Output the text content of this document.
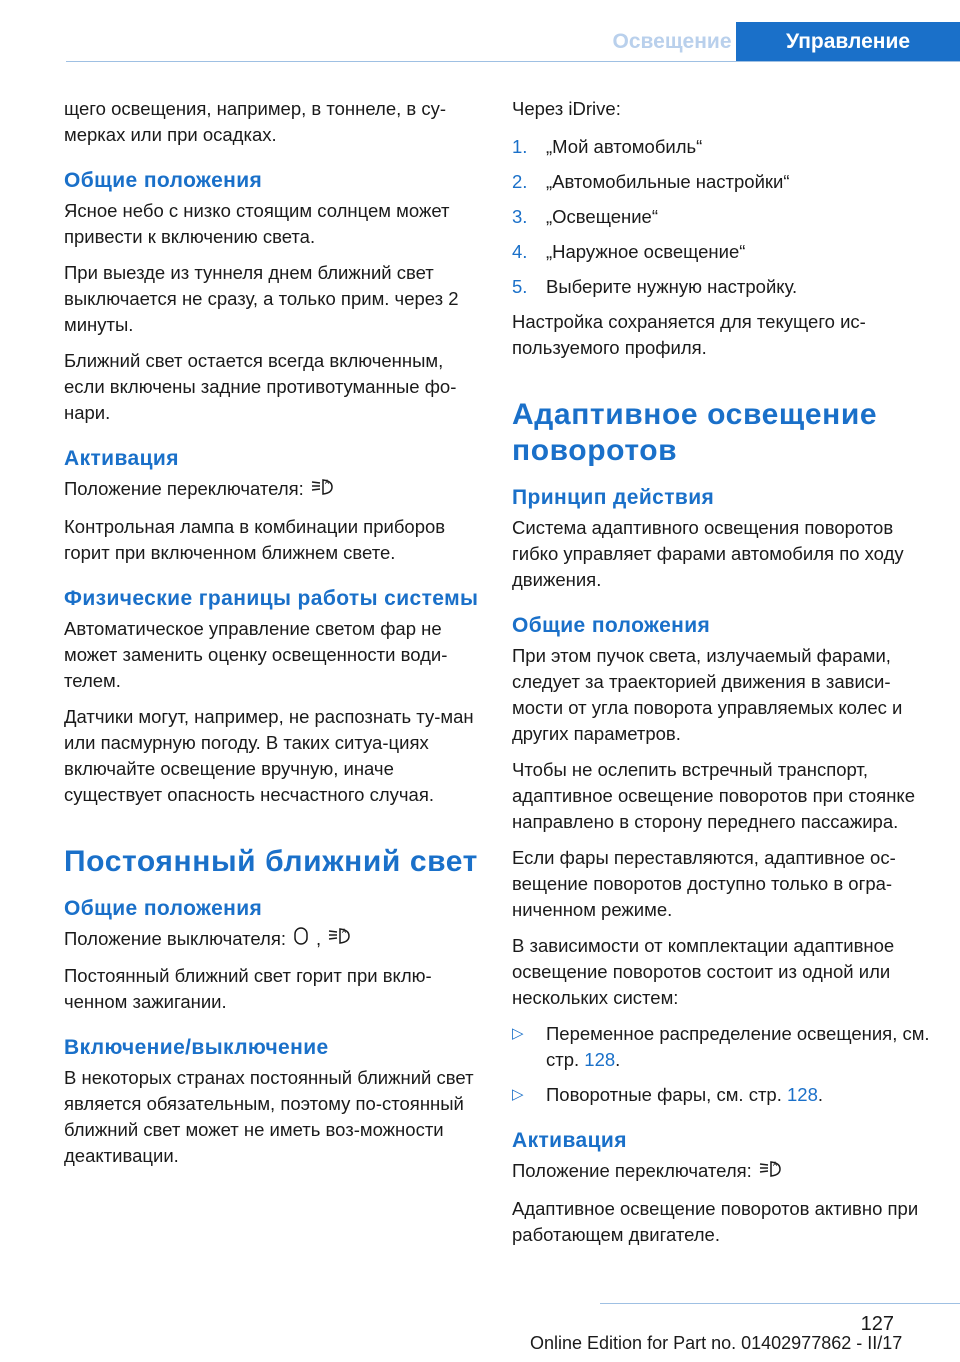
Освещение	Управление

щего освещения, например, в тоннеле, в су-мерках или при осадках.

Общие положения

Ясное небо с низко стоящим солнцем может привести к включению света.

При выезде из туннеля днем ближний свет выключается не сразу, а только прим. через 2 минуты.

Ближний свет остается всегда включенным, если включены задние противотуманные фо-нари.

Активация

Положение переключателя:	A

Контрольная лампа в комбинации приборов горит при включенном ближнем свете.

Физические границы работы системы

Автоматическое управление светом фар не может заменить оценку освещенности води-телем.

Датчики могут, например, не распознать ту-ман или пасмурную погоду. В таких ситуа-циях включайте освещение вручную, иначе существует опасность несчастного случая.

Постоянный ближний свет
Общие положения

Положение выключателя: ,	A

Постоянный ближний свет горит при вклю-ченном зажигании.

Включение/выключение

В некоторых странах постоянный ближний свет является обязательным, поэтому по-стоянный ближний свет может не иметь воз-можности деактивации.

Через iDrive:

1.	„Мой автомобиль“
2.	„Автомобильные настройки“
3.	„Освещение“
4.	„Наружное освещение“
5.	Выберите нужную настройку.

Настройка сохраняется для текущего ис-пользуемого профиля.

Адаптивное освещение поворотов
Принцип действия

Система адаптивного освещения поворотов гибко управляет фарами автомобиля по ходу движения.

Общие положения

При этом пучок света, излучаемый фарами, следует за траекторией движения в зависи-мости от угла поворота управляемых колес и других параметров.

Чтобы не ослепить встречный транспорт, адаптивное освещение поворотов при стоянке направлено в сторону переднего пассажира.

Если фары переставляются, адаптивное ос-вещение поворотов доступно только в огра-ниченном режиме.

В зависимости от комплектации адаптивное освещение поворотов состоит из одной или нескольких систем:

▷	Переменное распределение освещения, см. стр. 128.
▷	Поворотные фары, см. стр. 128.
Активация

Положение переключателя:	A

Адаптивное освещение поворотов активно при работающем двигателе.

127
Online Edition for Part no. 01402977862 - II/17
